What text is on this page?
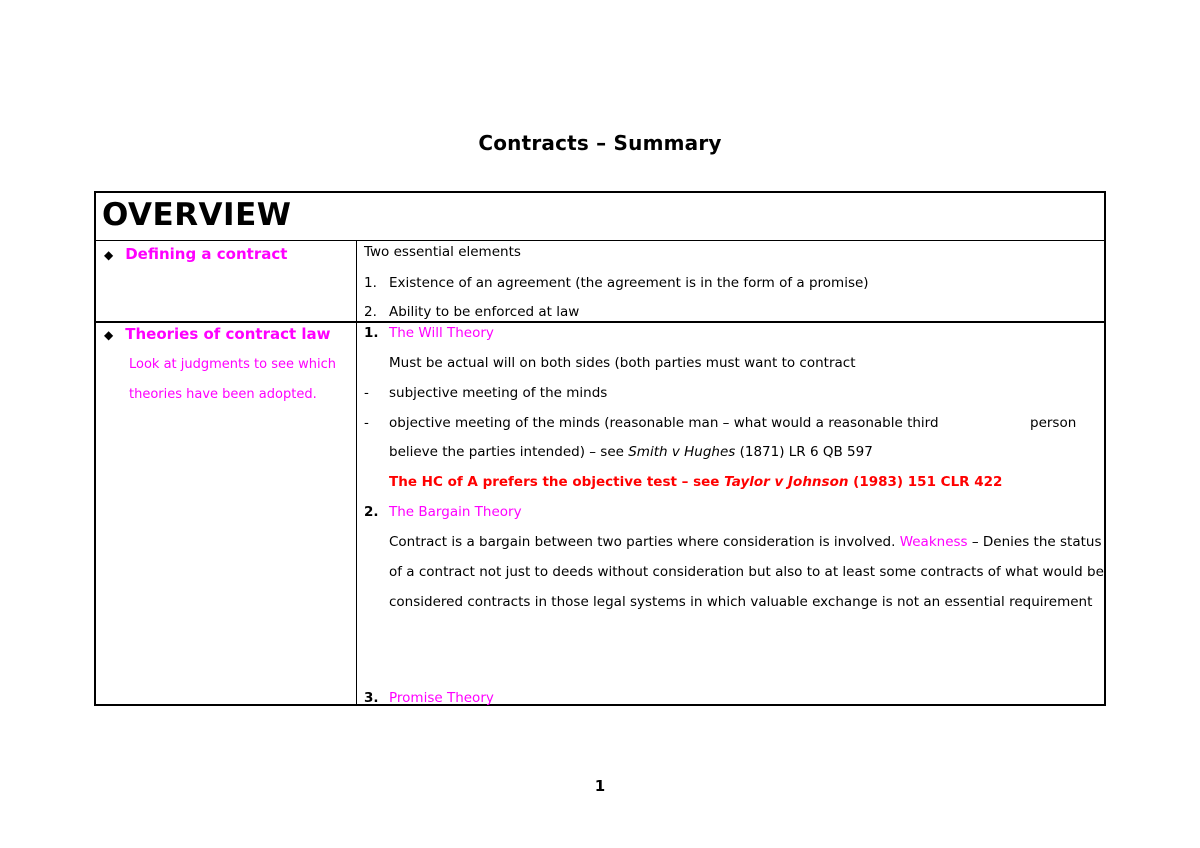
Contracts – Summary
OVERVIEW
◆ Defining a contract	Two essential elements
1. Existence of an agreement (the agreement is in the form of a promise)
2. Ability to be enforced at law
◆ Theories of contract law
Look at judgments to see which
theories have been adopted.
1. The Will Theory
Must be actual will on both sides (both parties must want to contract
- subjective meeting of the minds
- objective meeting of the minds (reasonable man – what would a reasonable third	person
believe the parties intended) – see Smith v Hughes (1871) LR 6 QB 597
The HC of A prefers the objective test – see Taylor v Johnson (1983) 151 CLR 422
2. The Bargain Theory
Contract is a bargain between two parties where consideration is involved. Weakness – Denies the status
of a contract not just to deeds without consideration but also to at least some contracts of what would be
considered contracts in those legal systems in which valuable exchange is not an essential requirement
3. Promise Theory
1
